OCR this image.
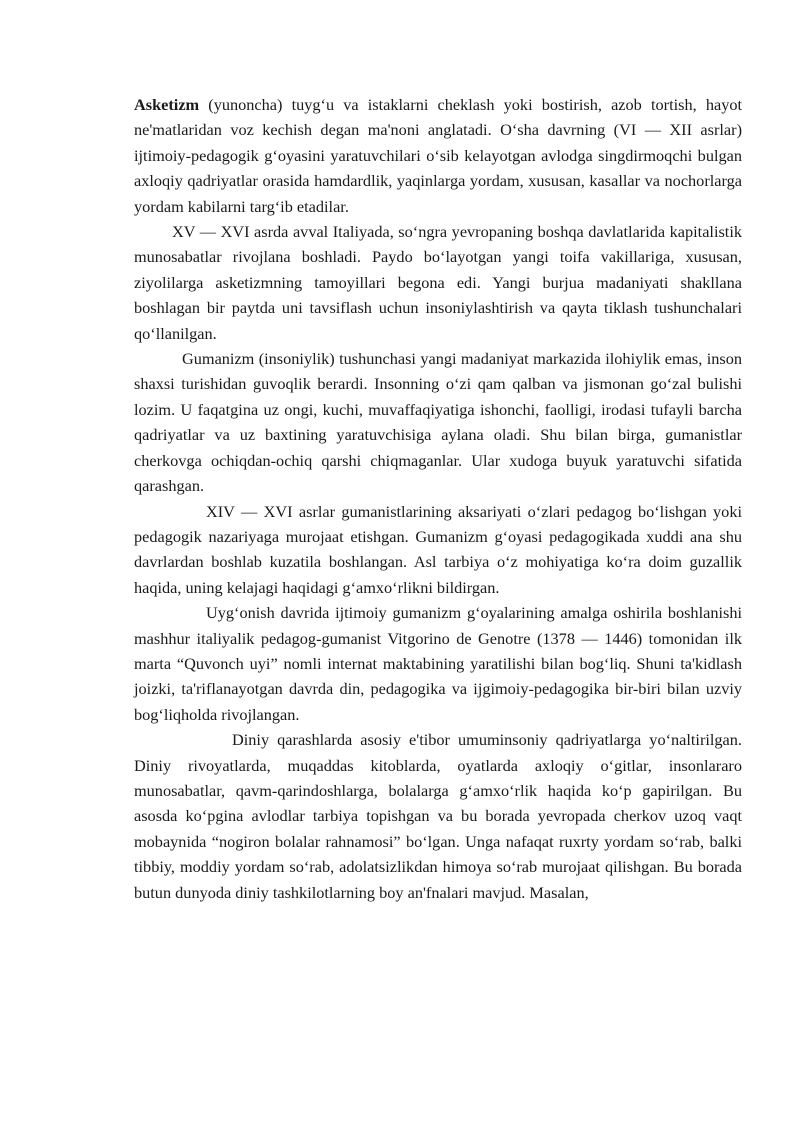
Asketizm (yunoncha) tuyg‘u va istaklarni cheklash yoki bostirish, azob tortish, hayot ne'matlaridan voz kechish degan ma'noni anglatadi. O‘sha davrning (VI — XII asrlar) ijtimoiy-pedagogik g‘oyasini yaratuvchilari o‘sib kelayotgan avlodga singdirmoqchi bulgan axloqiy qadriyatlar orasida hamdardlik, yaqinlarga yordam, xususan, kasallar va nochorlarga yordam kabilarni targ‘ib etadilar.

XV — XVI asrda avval Italiyada, so‘ngra yevropaning boshqa davlatlarida kapitalistik munosabatlar rivojlana boshladi. Paydo bo‘layotgan yangi toifa vakillariga, xususan, ziyolilarga asketizmning tamoyillari begona edi. Yangi burjua madaniyati shakllana boshlagan bir paytda uni tavsiflash uchun insoniylashtirish va qayta tiklash tushunchalari qo‘llanilgan.

Gumanizm (insoniylik) tushunchasi yangi madaniyat markazida ilohiylik emas, inson shaxsi turishidan guvoqlik berardi. Insonning o‘zi qam qalban va jismonan go‘zal bulishi lozim. U faqatgina uz ongi, kuchi, muvaffaqiyatiga ishonchi, faolligi, irodasi tufayli barcha qadriyatlar va uz baxtining yaratuvchisiga aylana oladi. Shu bilan birga, gumanistlar cherkovga ochiqdan-ochiq qarshi chiqmaganlar. Ular xudoga buyuk yaratuvchi sifatida qarashgan.

XIV — XVI asrlar gumanistlarining aksariyati o‘zlari pedagog bo‘lishgan yoki pedagogik nazariyaga murojaat etishgan. Gumanizm g‘oyasi pedagogikada xuddi ana shu davrlardan boshlab kuzatila boshlangan. Asl tarbiya o‘z mohiyatiga ko‘ra doim guzallik haqida, uning kelajagi haqidagi g‘amxo‘rlikni bildirgan.

Uyg‘onish davrida ijtimoiy gumanizm g‘oyalarining amalga oshirila boshlanishi mashhur italiyalik pedagog-gumanist Vitgorino de Genotre (1378 — 1446) tomonidan ilk marta “Quvonch uyi” nomli internat maktabining yaratilishi bilan bog‘liq. Shuni ta'kidlash joizki, ta'riflanayotgan davrda din, pedagogika va ijgimoiy-pedagogika bir-biri bilan uzviy bog‘liqholda rivojlangan.

Diniy qarashlarda asosiy e'tibor umuminsoniy qadriyatlarga yo‘naltirilgan. Diniy rivoyatlarda, muqaddas kitoblarda, oyatlarda axloqiy o‘gitlar, insonlararo munosabatlar, qavm-qarindoshlarga, bolalarga g‘amxo‘rlik haqida ko‘p gapirilgan. Bu asosda ko‘pgina avlodlar tarbiya topishgan va bu borada yevropada cherkov uzoq vaqt mobaynida “nogiron bolalar rahnamosi” bo‘lgan. Unga nafaqat ruxrty yordam so‘rab, balki tibbiy, moddiy yordam so‘rab, adolatsizlikdan himoya so‘rab murojaat qilishgan. Bu borada butun dunyoda diniy tashkilotlarning boy an'fnalari mavjud. Masalan,
